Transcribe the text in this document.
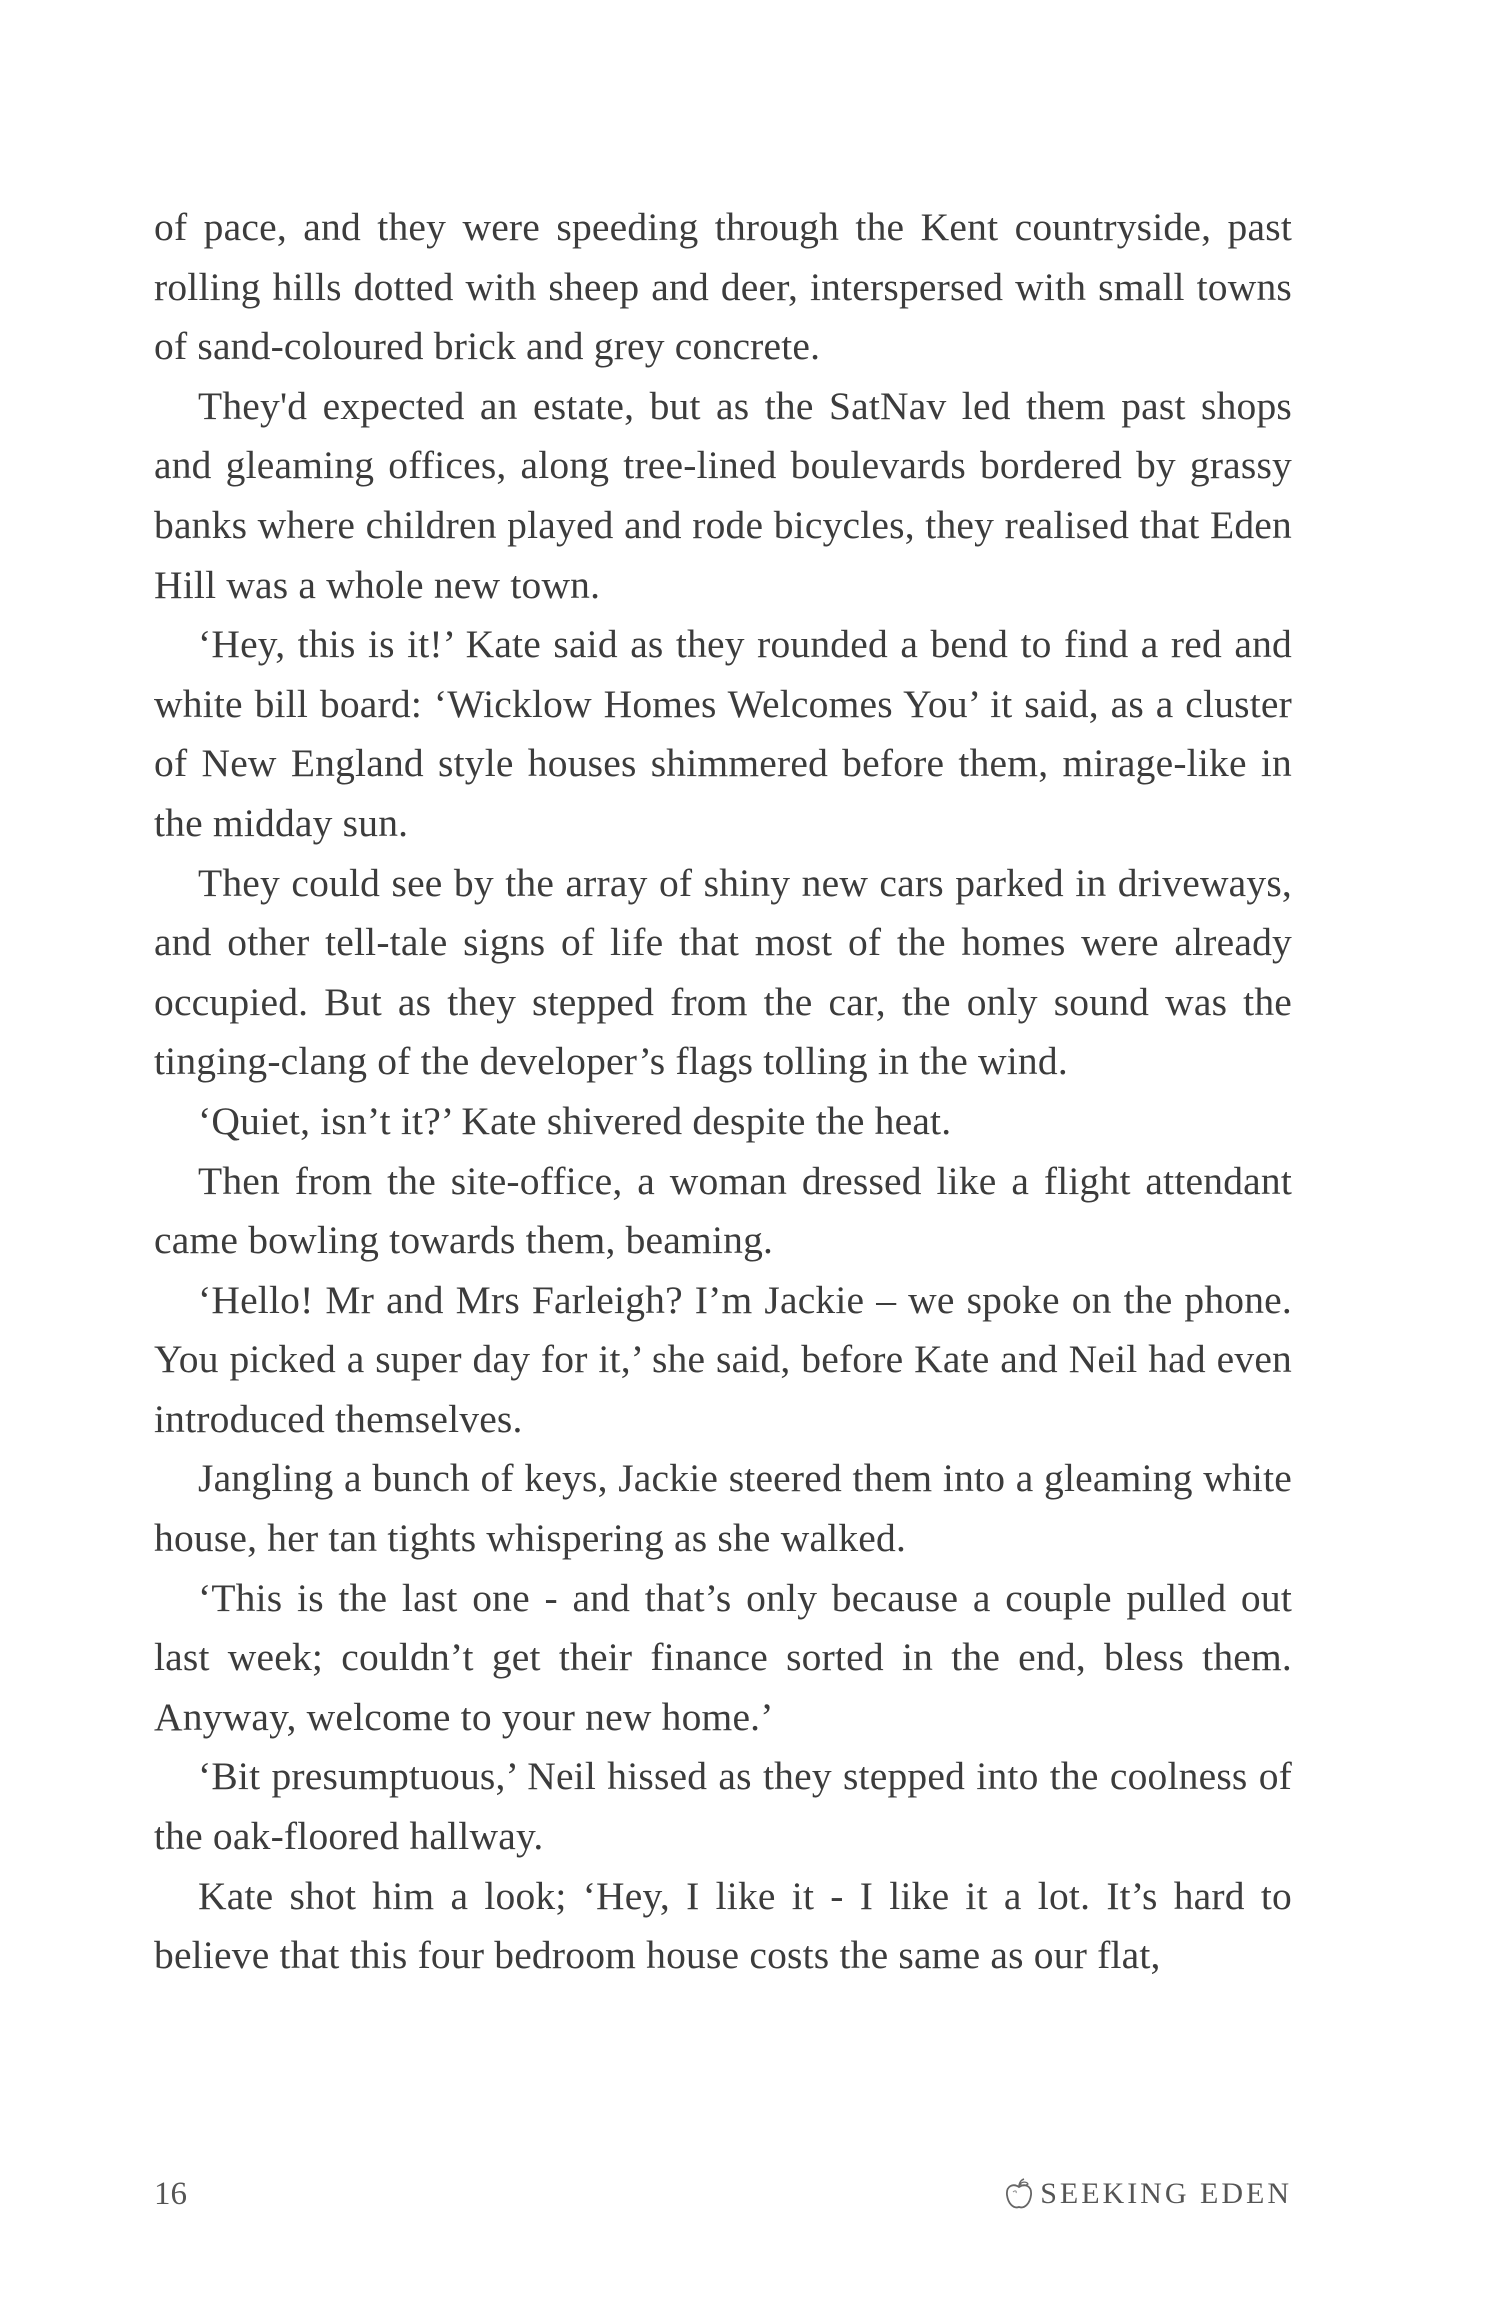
of pace, and they were speeding through the Kent countryside, past rolling hills dotted with sheep and deer, interspersed with small towns of sand-coloured brick and grey concrete.

They'd expected an estate, but as the SatNav led them past shops and gleaming offices, along tree-lined boulevards bordered by grassy banks where children played and rode bicycles, they realised that Eden Hill was a whole new town.

‘Hey, this is it!’ Kate said as they rounded a bend to find a red and white bill board: ‘Wicklow Homes Welcomes You’ it said, as a cluster of New England style houses shimmered before them, mirage-like in the midday sun.

They could see by the array of shiny new cars parked in driveways, and other tell-tale signs of life that most of the homes were already occupied. But as they stepped from the car, the only sound was the tinging-clang of the developer’s flags tolling in the wind.

‘Quiet, isn’t it?’ Kate shivered despite the heat.

Then from the site-office, a woman dressed like a flight attendant came bowling towards them, beaming.

‘Hello! Mr and Mrs Farleigh? I’m Jackie – we spoke on the phone. You picked a super day for it,’ she said, before Kate and Neil had even introduced themselves.

Jangling a bunch of keys, Jackie steered them into a gleaming white house, her tan tights whispering as she walked.

‘This is the last one - and that’s only because a couple pulled out last week; couldn’t get their finance sorted in the end, bless them. Anyway, welcome to your new home.’

‘Bit presumptuous,’ Neil hissed as they stepped into the coolness of the oak-floored hallway.

Kate shot him a look; ‘Hey, I like it - I like it a lot. It’s hard to believe that this four bedroom house costs the same as our flat,

16	SEEKING EDEN
